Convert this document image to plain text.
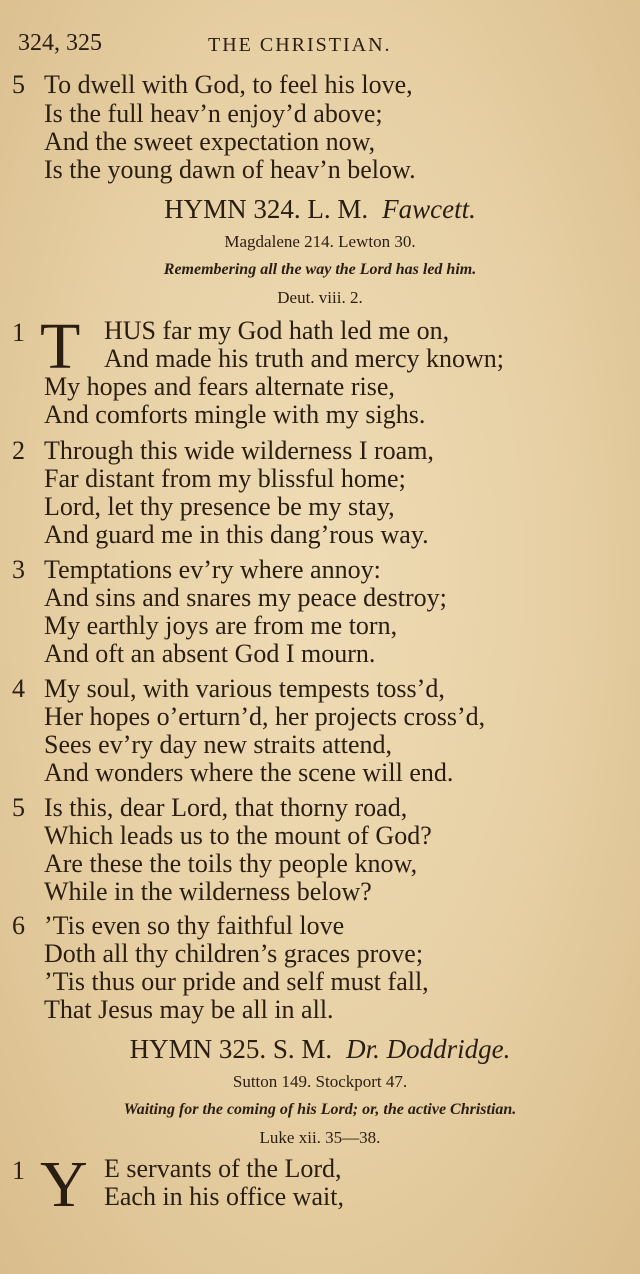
324, 325	THE CHRISTIAN.
5 To dwell with God, to feel his love,
Is the full heav’n enjoy’d above;
And the sweet expectation now,
Is the young dawn of heav’n below.
HYMN 324. L. M. Fawcett.
Magdalene 214. Lewton 30.
Remembering all the way the Lord has led him.
Deut. viii. 2.
1 T HUS far my God hath led me on,
And made his truth and mercy known;
My hopes and fears alternate rise,
And comforts mingle with my sighs.
2 Through this wide wilderness I roam,
Far distant from my blissful home;
Lord, let thy presence be my stay,
And guard me in this dang’rous way.
3 Temptations ev’ry where annoy:
And sins and snares my peace destroy;
My earthly joys are from me torn,
And oft an absent God I mourn.
4 My soul, with various tempests toss’d,
Her hopes o’erturn’d, her projects cross’d,
Sees ev’ry day new straits attend,
And wonders where the scene will end.
5 Is this, dear Lord, that thorny road,
Which leads us to the mount of God?
Are these the toils thy people know,
While in the wilderness below?
6 ’Tis even so thy faithful love
Doth all thy children’s graces prove;
’Tis thus our pride and self must fall,
That Jesus may be all in all.
HYMN 325. S. M. Dr. Doddridge.
Sutton 149. Stockport 47.
Waiting for the coming of his Lord; or, the active Christian.
Luke xii. 35—38.
1 Y E servants of the Lord,
Each in his office wait,
